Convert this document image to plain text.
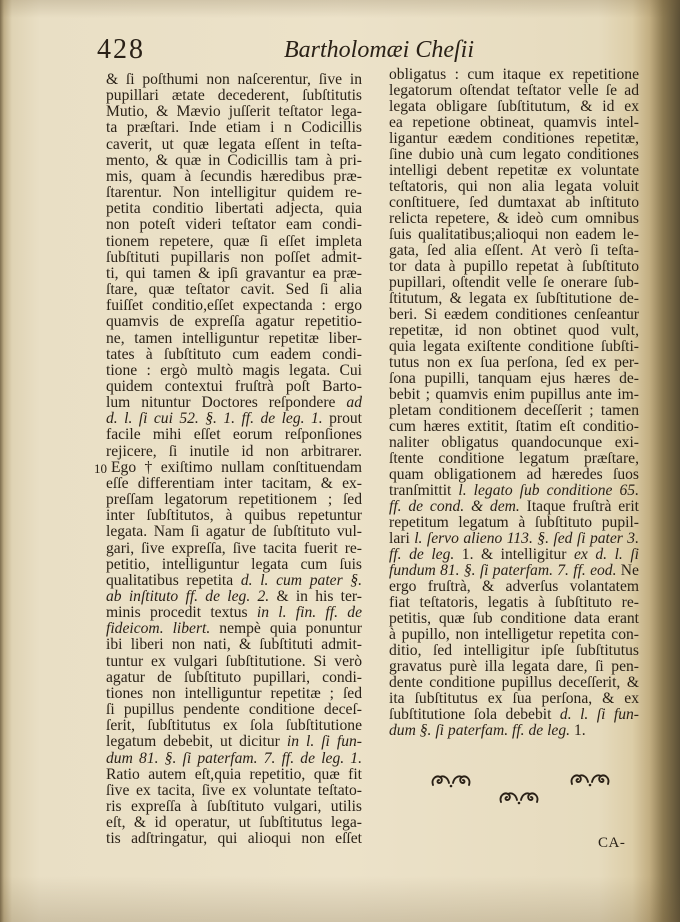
428	Bartholomæi Cheſii
& ſi poſthumi non naſcerentur, ſive in
pupillari ætate decederent, ſubſtitutis
Mutio, & Mævio juſſerit teſtator lega-
ta præſtari. Inde etiam i n Codicillis
caverit, ut quæ legata eſſent in teſta-
mento, & quæ in Codicillis tam à pri-
mis, quam à ſecundis hæredibus præ-
ſtarentur. Non intelligitur quidem re-
petita conditio libertati adjecta, quia
non poteſt videri teſtator eam condi-
tionem repetere, quæ ſi eſſet impleta
ſubſtituti pupillaris non poſſet admit-
ti, qui tamen & ipſi gravantur ea præ-
ſtare, quæ teſtator cavit. Sed ſi alia
fuiſſet conditio,eſſet expectanda : ergo
quamvis de expreſſa agatur repetitio-
ne, tamen intelliguntur repetitæ liber-
tates à ſubſtituto cum eadem condi-
tione : ergò multò magis legata. Cui
quidem contextui fruſtrà poſt Barto-
lum nituntur Doctores reſpondere ad
d. l. ſi cui 52. §. 1. ff. de leg. 1. prout
facile mihi eſſet eorum reſponſiones
rejicere, ſi inutile id non arbitrarer.
Ego † exiſtimo nullam conſtituendam
eſſe differentiam inter tacitam, & ex-
preſſam legatorum repetitionem ; ſed
inter ſubſtitutos, à quibus repetuntur
legata. Nam ſi agatur de ſubſtituto vul-
gari, ſive expreſſa, ſive tacita fuerit re-
petitio, intelliguntur legata cum ſuis
qualitatibus repetita d. l. cum pater §.
ab inſtituto ff. de leg. 2. & in his ter-
minis procedit textus in l. fin. ff. de
fideicom. libert. nempè quia ponuntur
ibi liberi non nati, & ſubſtituti admit-
tuntur ex vulgari ſubſtitutione. Si verò
agatur de ſubſtituto pupillari, condi-
tiones non intelliguntur repetitæ ; ſed
ſi pupillus pendente conditione deceſ-
ſerit, ſubſtitutus ex ſola ſubſtitutione
legatum debebit, ut dicitur in l. ſi fun-
dum 81. §. ſi paterfam. 7. ff. de leg. 1.
Ratio autem eſt,quia repetitio, quæ fit
ſive ex tacita, ſive ex voluntate teſtato-
ris expreſſa à ſubſtituto vulgari, utilis
eſt, & id operatur, ut ſubſtitutus lega-
tis adſtringatur, qui alioqui non eſſet
10
obligatus : cum itaque ex repetitione
legatorum oſtendat teſtator velle ſe ad
legata obligare ſubſtitutum, & id ex
ea repetione obtineat, quamvis intel-
ligantur eædem conditiones repetitæ,
ſine dubio unà cum legato conditiones
intelligi debent repetitæ ex voluntate
teſtatoris, qui non alia legata voluit
conſtituere, ſed dumtaxat ab inſtituto
relicta repetere, & ideò cum omnibus
ſuis qualitatibus;alioqui non eadem le-
gata, ſed alia eſſent. At verò ſi teſta-
tor data à pupillo repetat à ſubſtituto
pupillari, oſtendit velle ſe onerare ſub-
ſtitutum, & legata ex ſubſtitutione de-
beri. Si eædem conditiones cenſeantur
repetitæ, id non obtinet quod vult,
quia legata exiſtente conditione ſubſti-
tutus non ex ſua perſona, ſed ex per-
ſona pupilli, tanquam ejus hæres de-
bebit ; quamvis enim pupillus ante im-
pletam conditionem deceſſerit ; tamen
cum hæres extitit, ſtatim eſt conditio-
naliter obligatus quandocunque exi-
ſtente conditione legatum præſtare,
quam obligationem ad hæredes ſuos
tranſmittit l. legato ſub conditione 65.
ff. de cond. & dem. Itaque fruſtrà erit
repetitum legatum à ſubſtituto pupil-
lari l. ſervo alieno 113. §. ſed ſi pater 3.
ff. de leg. 1. & intelligitur ex d. l. ſi
fundum 81. §. ſi paterfam. 7. ff. eod. Ne
ergo fruſtrà, & adverſus volantatem
fiat teſtatoris, legatis à ſubſtituto re-
petitis, quæ ſub conditione data erant
à pupillo, non intelligetur repetita con-
ditio, ſed intelligitur ipſe ſubſtitutus
gravatus purè illa legata dare, ſi pen-
dente conditione pupillus deceſſerit, &
ita ſubſtitutus ex ſua perſona, & ex
ſubſtitutione ſola debebit d. l. ſi fun-
dum §. ſi paterfam. ff. de leg. 1.
CA-
